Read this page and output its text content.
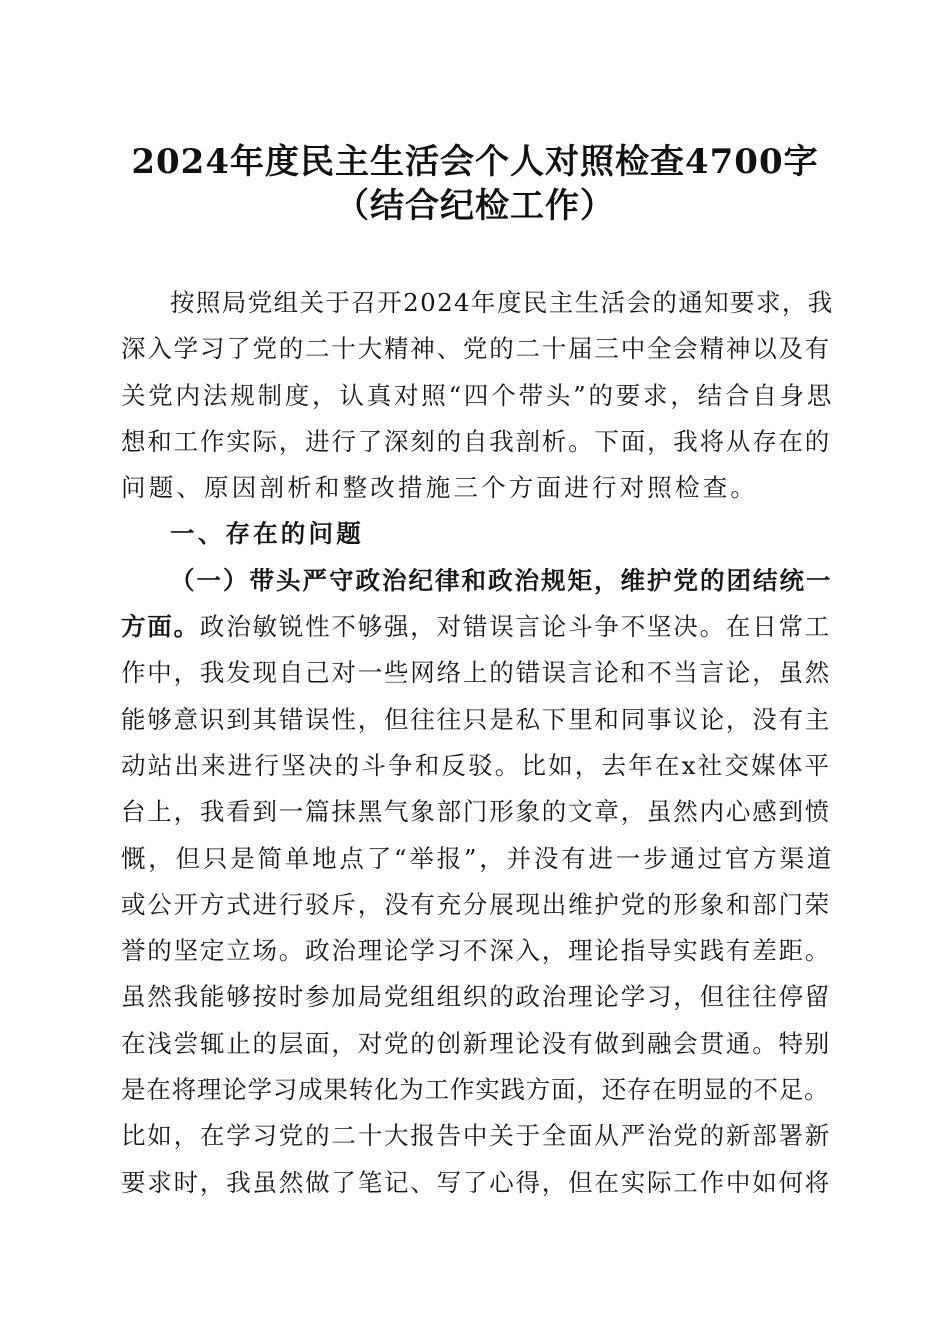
2024年度民主生活会个人对照检查4700字
（结合纪检工作）
按照局党组关于召开2024年度民主生活会的通知要求，我
深入学习了党的二十大精神、党的二十届三中全会精神以及有
关党内法规制度，认真对照“四个带头”的要求，结合自身思
想和工作实际，进行了深刻的自我剖析。下面，我将从存在的
问题、原因剖析和整改措施三个方面进行对照检查。
一、存在的问题
（一）带头严守政治纪律和政治规矩，维护党的团结统一
方面。政治敏锐性不够强，对错误言论斗争不坚决。在日常工
作中，我发现自己对一些网络上的错误言论和不当言论，虽然
能够意识到其错误性，但往往只是私下里和同事议论，没有主
动站出来进行坚决的斗争和反驳。比如，去年在x社交媒体平
台上，我看到一篇抹黑气象部门形象的文章，虽然内心感到愤
慨，但只是简单地点了“举报”，并没有进一步通过官方渠道
或公开方式进行驳斥，没有充分展现出维护党的形象和部门荣
誉的坚定立场。政治理论学习不深入，理论指导实践有差距。
虽然我能够按时参加局党组组织的政治理论学习，但往往停留
在浅尝辄止的层面，对党的创新理论没有做到融会贯通。特别
是在将理论学习成果转化为工作实践方面，还存在明显的不足。
比如，在学习党的二十大报告中关于全面从严治党的新部署新
要求时，我虽然做了笔记、写了心得，但在实际工作中如何将
